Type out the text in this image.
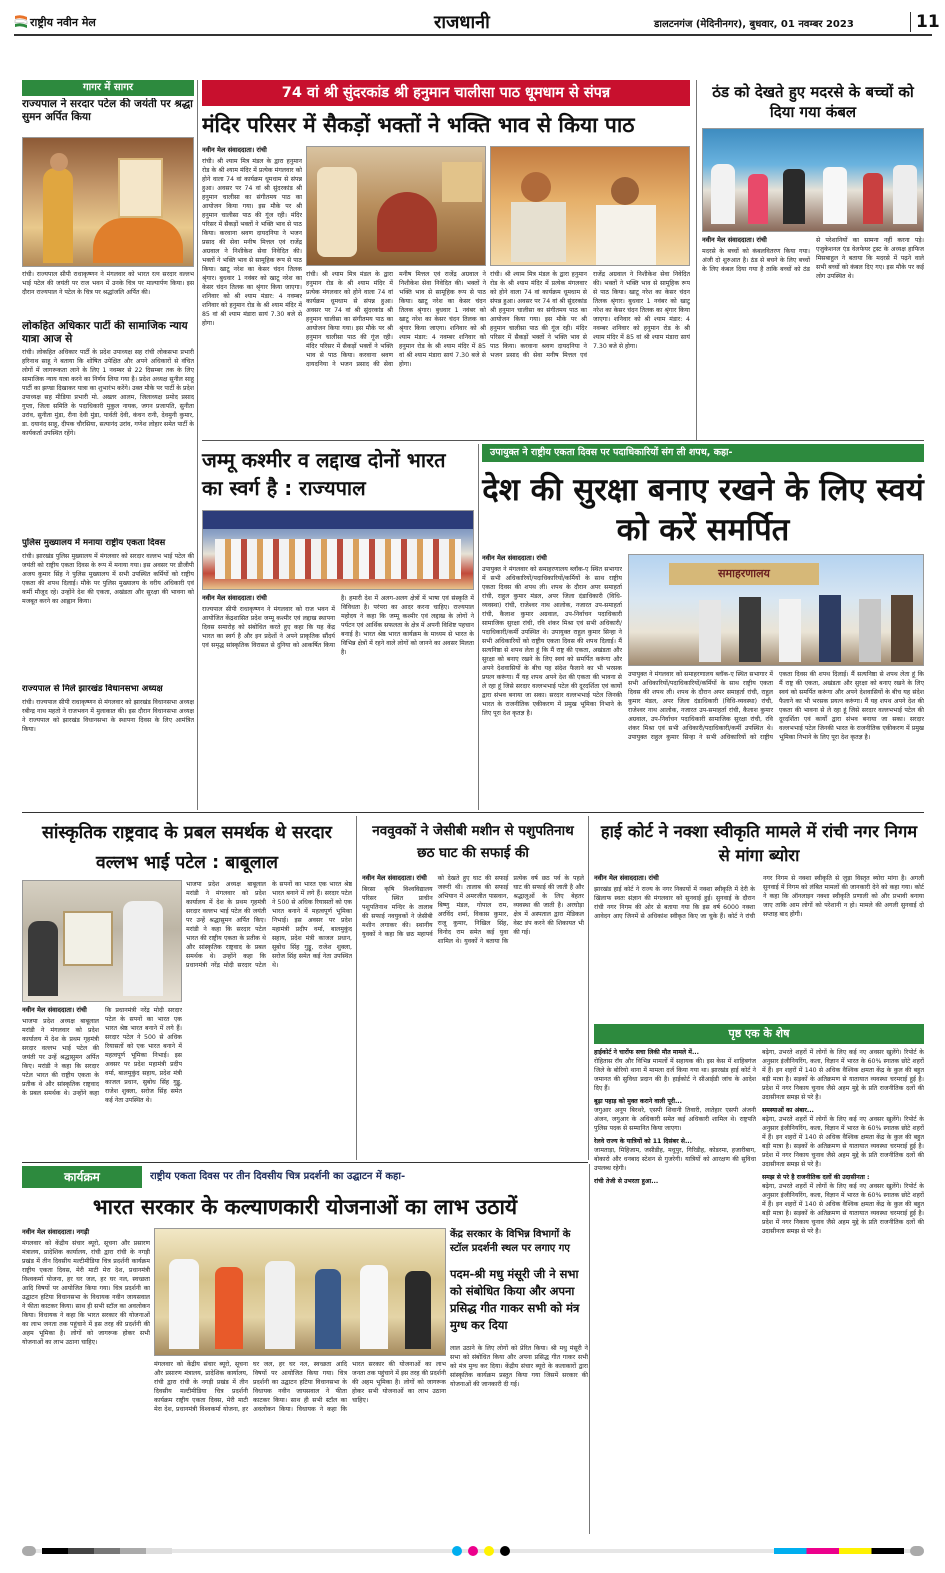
राष्ट्रीय नवीन मेल	राजधानी	डालटनगंज (मेदिनीनगर), बुधवार, 01 नवम्बर 2023	11
गागर में सागर
राज्यपाल ने सरदार पटेल की जयंती पर श्रद्धा सुमन अर्पित किया
रांची। राज्यपाल सीपी राधाकृष्णन ने मंगलवार को भारत रत्न सरदार वल्लभ भाई पटेल की जयंती पर राज भवन में उनके चित्र पर माल्यार्पण किया। इस दौरान राज्यपाल ने पटेल के चित्र पर श्रद्धांजलि अर्पित की।
लोकहित अधिकार पार्टी की सामाजिक न्याय यात्रा आज से
रांची। लोकहित अधिकार पार्टी के प्रदेश उपाध्यक्ष सह रांची लोकसभा प्रभारी हरिनाथ साहू ने बताया कि शोषित उपेक्षित और अपने अधिकारों से वंचित लोगों में जागरूकता लाने के लिए 1 नवम्बर से 22 दिसम्बर तक के लिए सामाजिक न्याय यात्रा करने का निर्णय लिया गया है। प्रदेश अध्यक्ष सुनील साहू पार्टी का झण्डा दिखाकर यात्रा का शुभारंभ करेंगे। उक्त मौके पर पार्टी के प्रदेश उपाध्यक्ष सह मीडिया प्रभारी मो. अख्तर आलम, जिलाध्यक्ष प्रमोद प्रसाद गुप्ता, जिला समिति के पदाधिकारी मुकुल नायक, जगन प्रजापति, सुनीता उरांव, सुनीता मुंडा, रीना देवी मुंडा, पार्वती देवी, कंचन रानी, देवमुनी कुमार, डा. दयानंद साहू, दीपक चौरसिया, सत्यानंद उरांव, गणेश लोहार समेत पार्टी के कार्यकर्ता उपस्थित रहेंगे।
पुलिस मुख्यालय में मनाया राष्ट्रीय एकता दिवस
रांची। झारखंड पुलिस मुख्यालय में मंगलवार को सरदार वल्लभ भाई पटेल की जयंती को राष्ट्रीय एकता दिवस के रूप में मनाया गया। इस अवसर पर डीजीपी अजय कुमार सिंह ने पुलिस मुख्यालय में सभी उपस्थित कर्मियों को राष्ट्रीय एकता की शपथ दिलाई। मौके पर पुलिस मुख्यालय के वरीय अधिकारी एवं कर्मी मौजूद रहे। उन्होंने देश की एकता, अखंडता और सुरक्षा की भावना को मजबूत करने का आह्वान किया।
राज्यपाल से मिले झारखंड विधानसभा अध्यक्ष
रांची। राज्यपाल सीपी राधाकृष्णन से मंगलवार को झारखंड विधानसभा अध्यक्ष रबीन्द्र नाथ महतो ने राजभवन में मुलाकात की। इस दौरान विधानसभा अध्यक्ष ने राज्यपाल को झारखंड विधानसभा के स्थापना दिवस के लिए आमंत्रित किया।
74 वां श्री सुंदरकांड श्री हनुमान चालीसा पाठ धूमधाम से संपन्न
मंदिर परिसर में सैकड़ों भक्तों ने भक्ति भाव से किया पाठ
नवीन मेल संवाददाता। रांची
रांची। श्री श्याम मित्र मंडल के द्वारा हनुमान रोड के श्री श्याम मंदिर में प्रत्येक मंगलवार को होने वाला 74 वां कार्यक्रम धूमधाम से संपन्न हुआ। अवसर पर 74 वां श्री सुंदरकांड श्री हनुमान चालीसा का संगीतमय पाठ का आयोजन किया गया। इस मौके पर श्री हनुमान चालीसा पाठ की गूंज रही। मंदिर परिसर में सैकड़ों भक्तों ने भक्ति भाव से पाठ किया। करवाना श्रवण दायदनिया ने भजन प्रसाद की सेवा मनीष मित्तल एवं राजेंद्र अग्रवाल ने निशीकेश सेवा निवेदित की। भक्तों ने भक्ति भाव से सामूहिक रूप से पाठ किया। खाटू नरेश का केसर चंदन तिलक श्रृंगार। बुधवार 1 नवंबर को खाटू नरेश का केसर चंदन तिलक का श्रृंगार किया जाएगा। शनिवार को श्री श्याम मंडार: 4 नवम्बर शनिवार को हनुमान रोड के श्री श्याम मंदिर में 85 वां श्री श्याम मंडारा सायं 7.30 बजे से होगा।
रांची। श्री श्याम मित्र मंडल के द्वारा हनुमान रोड के श्री श्याम मंदिर में प्रत्येक मंगलवार को होने वाला 74 वां कार्यक्रम धूमधाम से संपन्न हुआ। अवसर पर 74 वां श्री सुंदरकांड श्री हनुमान चालीसा का संगीतमय पाठ का आयोजन किया गया। इस मौके पर श्री हनुमान चालीसा पाठ की गूंज रही। मंदिर परिसर में सैकड़ों भक्तों ने भक्ति भाव से पाठ किया। करवाना श्रवण दायदनिया ने भजन प्रसाद की सेवा मनीष मित्तल एवं राजेंद्र अग्रवाल ने निशीकेश सेवा निवेदित की। भक्तों ने भक्ति भाव से सामूहिक रूप से पाठ किया। खाटू नरेश का केसर चंदन तिलक श्रृंगार। बुधवार 1 नवंबर को खाटू नरेश का केसर चंदन तिलक का श्रृंगार किया जाएगा। शनिवार को श्री श्याम मंडार: 4 नवम्बर शनिवार को हनुमान रोड के श्री श्याम मंदिर में 85 वां श्री श्याम मंडारा सायं 7.30 बजे से होगा।
रांची। श्री श्याम मित्र मंडल के द्वारा हनुमान रोड के श्री श्याम मंदिर में प्रत्येक मंगलवार को होने वाला 74 वां कार्यक्रम धूमधाम से संपन्न हुआ। अवसर पर 74 वां श्री सुंदरकांड श्री हनुमान चालीसा का संगीतमय पाठ का आयोजन किया गया। इस मौके पर श्री हनुमान चालीसा पाठ की गूंज रही। मंदिर परिसर में सैकड़ों भक्तों ने भक्ति भाव से पाठ किया। करवाना श्रवण दायदनिया ने भजन प्रसाद की सेवा मनीष मित्तल एवं राजेंद्र अग्रवाल ने निशीकेश सेवा निवेदित की। भक्तों ने भक्ति भाव से सामूहिक रूप से पाठ किया। खाटू नरेश का केसर चंदन तिलक श्रृंगार। बुधवार 1 नवंबर को खाटू नरेश का केसर चंदन तिलक का श्रृंगार किया जाएगा। शनिवार को श्री श्याम मंडार: 4 नवम्बर शनिवार को हनुमान रोड के श्री श्याम मंदिर में 85 वां श्री श्याम मंडारा सायं 7.30 बजे से होगा।
ठंड को देखते हुए मदरसे के बच्चों को दिया गया कंबल
नवीन मेल संवाददाता। रांची
मदरसे के बच्चों को कंबलवितरण किया गया। अंजी दो शुरुआत है। ठंड से बचने के लिए बच्चों के लिए कंबल दिया गया है ताकि बच्चों को ठंड से परेशानियों का सामना नहीं करना पड़े। एजुकेशनल एंड वेलफेयर ट्रस्ट के अध्यक्ष हाफिज मिसबाहुल ने बताया कि मदरसे में पढ़ने वाले सभी बच्चों को कंबल दिए गए। इस मौके पर कई लोग उपस्थित थे।
जम्मू कश्मीर व लद्दाख दोनों भारत का स्वर्ग है : राज्यपाल
नवीन मेल संवाददाता। रांची
राज्यपाल सीपी राधाकृष्णन ने मंगलवार को राज भवन में आयोजित केंद्रशासित प्रदेश जम्मू कश्मीर एवं लद्दाख स्थापना दिवस समारोह को संबोधित करते हुए कहा कि यह केंद्र भारत का स्वर्ग है और इन प्रदेशों ने अपने प्राकृतिक सौंदर्य एवं समृद्ध सांस्कृतिक विरासत से दुनिया को आकर्षित किया है। हमारी देश में अलग-अलग क्षेत्रों में भाषा एवं संस्कृति में विविधता है। परंपरा का आदर करना चाहिए। राज्यपाल महोदय ने कहा कि जम्मू कश्मीर एवं लद्दाख के लोगों ने पर्यटन एवं आर्थिक सफलता के क्षेत्र में अपनी विशिष्ट पहचान बनाई है। भारत श्रेष्ठ भारत कार्यक्रम के माध्यम से भारत के विभिन्न क्षेत्रों में रहने वाले लोगों को जानने का अवसर मिलता है।
उपायुक्त ने राष्ट्रीय एकता दिवस पर पदाधिकारियों संग ली शपथ, कहा-
देश की सुरक्षा बनाए रखने के लिए स्वयं को करें समर्पित
नवीन मेल संवाददाता। रांची
उपायुक्त ने मंगलवार को समाहरणालय ब्लॉक-ए स्थित सभागार में सभी अधिकारियों/पदाधिकारियों/कर्मियों के साथ राष्ट्रीय एकता दिवस की शपथ ली। शपथ के दौरान अपर समाहर्ता रांची, राहुल कुमार मंडल, अपर जिला दंडाधिकारी (विधि-व्यवस्था) रांची, राजेश्वर नाथ आलोक, नजारत उप-समाहर्ता रांची, कैलाश कुमार अग्रवाल, उप-निर्वाचन पदाधिकारी सामाजिक सुरक्षा रांची, रवि शंकर मिश्रा एवं सभी अधिकारी/पदाधिकारी/कर्मी उपस्थित थे। उपायुक्त राहुल कुमार सिन्हा ने सभी अधिकारियों को राष्ट्रीय एकता दिवस की शपथ दिलाई। मैं सत्यनिष्ठा से शपथ लेता हूं कि मैं राष्ट्र की एकता, अखंडता और सुरक्षा को बनाए रखने के लिए स्वयं को समर्पित करूंगा और अपने देशवासियों के बीच यह संदेश फैलाने का भी भरसक प्रयत्न करूंगा। मैं यह शपथ अपने देश की एकता की भावना से ले रहा हूं जिसे सरदार वल्लभभाई पटेल की दूरदर्शिता एवं कार्यों द्वारा संभव बनाया जा सका। सरदार वल्लभभाई पटेल जिनकी भारत के राजनीतिक एकीकरण में प्रमुख भूमिका निभाने के लिए पूरा देश कृतज्ञ है।
समाहरणालय
उपायुक्त ने मंगलवार को समाहरणालय ब्लॉक-ए स्थित सभागार में सभी अधिकारियों/पदाधिकारियों/कर्मियों के साथ राष्ट्रीय एकता दिवस की शपथ ली। शपथ के दौरान अपर समाहर्ता रांची, राहुल कुमार मंडल, अपर जिला दंडाधिकारी (विधि-व्यवस्था) रांची, राजेश्वर नाथ आलोक, नजारत उप-समाहर्ता रांची, कैलाश कुमार अग्रवाल, उप-निर्वाचन पदाधिकारी सामाजिक सुरक्षा रांची, रवि शंकर मिश्रा एवं सभी अधिकारी/पदाधिकारी/कर्मी उपस्थित थे। उपायुक्त राहुल कुमार सिन्हा ने सभी अधिकारियों को राष्ट्रीय एकता दिवस की शपथ दिलाई। मैं सत्यनिष्ठा से शपथ लेता हूं कि मैं राष्ट्र की एकता, अखंडता और सुरक्षा को बनाए रखने के लिए स्वयं को समर्पित करूंगा और अपने देशवासियों के बीच यह संदेश फैलाने का भी भरसक प्रयत्न करूंगा। मैं यह शपथ अपने देश की एकता की भावना से ले रहा हूं जिसे सरदार वल्लभभाई पटेल की दूरदर्शिता एवं कार्यों द्वारा संभव बनाया जा सका। सरदार वल्लभभाई पटेल जिनकी भारत के राजनीतिक एकीकरण में प्रमुख भूमिका निभाने के लिए पूरा देश कृतज्ञ है।
सांस्कृतिक राष्ट्रवाद के प्रबल समर्थक थे सरदार वल्लभ भाई पटेल : बाबूलाल
नवीन मेल संवाददाता। रांची
भाजपा प्रदेश अध्यक्ष बाबूलाल मरांडी ने मंगलवार को प्रदेश कार्यालय में देश के प्रथम गृहमंत्री सरदार वल्लभ भाई पटेल की जयंती पर उन्हें श्रद्धासुमन अर्पित किए। मरांडी ने कहा कि सरदार पटेल भारत की राष्ट्रीय एकता के प्रतीक थे और सांस्कृतिक राष्ट्रवाद के प्रबल समर्थक थे। उन्होंने कहा कि प्रधानमंत्री नरेंद्र मोदी सरदार पटेल के सपनों का भारत एक भारत श्रेष्ठ भारत बनाने में लगे हैं। सरदार पटेल ने 500 से अधिक रियासतों को एक भारत बनाने में महत्वपूर्ण भूमिका निभाई। इस अवसर पर प्रदेश महामंत्री प्रदीप वर्मा, बालमुकुंद सहाय, प्रदेश मंत्री काजल प्रधान, सुबोध सिंह गुड्डू, राजेश शुक्ला, सरोज सिंह समेत कई नेता उपस्थित थे।
भाजपा प्रदेश अध्यक्ष बाबूलाल मरांडी ने मंगलवार को प्रदेश कार्यालय में देश के प्रथम गृहमंत्री सरदार वल्लभ भाई पटेल की जयंती पर उन्हें श्रद्धासुमन अर्पित किए। मरांडी ने कहा कि सरदार पटेल भारत की राष्ट्रीय एकता के प्रतीक थे और सांस्कृतिक राष्ट्रवाद के प्रबल समर्थक थे। उन्होंने कहा कि प्रधानमंत्री नरेंद्र मोदी सरदार पटेल के सपनों का भारत एक भारत श्रेष्ठ भारत बनाने में लगे हैं। सरदार पटेल ने 500 से अधिक रियासतों को एक भारत बनाने में महत्वपूर्ण भूमिका निभाई। इस अवसर पर प्रदेश महामंत्री प्रदीप वर्मा, बालमुकुंद सहाय, प्रदेश मंत्री काजल प्रधान, सुबोध सिंह गुड्डू, राजेश शुक्ला, सरोज सिंह समेत कई नेता उपस्थित थे।
नववुवकों ने जेसीबी मशीन से पशुपतिनाथ छठ घाट की सफाई की
नवीन मेल संवाददाता। रांची
बिरसा कृषि विश्वविद्यालय परिसर स्थित प्राचीन पशुपतिनाथ मन्दिर के तालाब की सफाई नवयुवकों ने जेसीबी मशीन लगाकर की। स्थानीय युवकों ने कहा कि छठ महापर्व को देखते हुए घाट की सफाई जरूरी थी। तालाब की सफाई अभियान में अमरजीत पासवान, बिष्णु मंडल, गोपाल राम, अरविंद शर्मा, विकास कुमार, राजू कुमार, निखिल सिंह, विनोद राम समेत कई युवा शामिल थे। युवकों ने बताया कि प्रत्येक वर्ष छठ पर्व के पहले घाट की सफाई की जाती है और श्रद्धालुओं के लिए बेहतर व्यवस्था की जाती है। अरघोड़ा क्षेत्र में अस्पताल द्वारा मेडिकल वेस्ट डंप करने की शिकायत भी की गई।
हाई कोर्ट ने नक्शा स्वीकृति मामले में रांची नगर निगम से मांगा ब्योरा
नवीन मेल संवाददाता। रांची
झारखंड हाई कोर्ट ने राज्य के नगर निकायों में नक्शा स्वीकृति में देरी के खिलाफ स्वतः संज्ञान की मंगलवार को सुनवाई हुई। सुनवाई के दौरान रांची नगर निगम की ओर से बताया गया कि इस वर्ष 6000 नक्शा आवेदन आए जिनमें से अधिकांश स्वीकृत किए जा चुके हैं। कोर्ट ने रांची नगर निगम से नक्शा स्वीकृति से जुड़ा विस्तृत ब्योरा मांगा है। अगली सुनवाई में निगम को लंबित मामलों की जानकारी देने को कहा गया। कोर्ट ने कहा कि ऑनलाइन नक्शा स्वीकृति प्रणाली को और प्रभावी बनाया जाए ताकि आम लोगों को परेशानी न हो। मामले की अगली सुनवाई दो सप्ताह बाद होगी।
पृष्ठ एक के शेष
हाईकोर्ट ने चारोंफ सचा लिकी मौत मामले में...
रोहितास रॉय और विभिन्न मामलों में सहायक की। इस केस में शाहिबगंज जिले के बोरियो थाना में मामला दर्ज किया गया था। झारखंड हाई कोर्ट ने जमानत की सुविधा प्रदान की है। हाईकोर्ट ने सीआईडी जांच के आदेश दिए हैं।
बूढ़ा पहाड़ को मुक्त कराने वाली पूरी...
जगुआर अनूप बिरथरे, एसपी शिवानी तिवारी, लातेहार एसपी अंजनी अंजन, जगुआर के अधिकारी समेत कई अधिकारी शामिल थे। राष्ट्रपति पुलिस पदक से सम्मानित किया जाएगा।
रेलवे राज्य के यात्रियों को 11 दिसंबर से...
जामताड़ा, मिहिजाम, जसीडीह, मधुपुर, गिरिडीह, कोडरमा, हजारीबाग, बोकारो और धनबाद स्टेशन से गुजरेगी। यात्रियों को आरक्षण की सुविधा उपलब्ध रहेगी।
रांची तेजी से उभरता हुआ...
बढ़ेगा, उभरते शहरों में लोगों के लिए कई नए अवसर खुलेंगे। रिपोर्ट के अनुसार इंजीनियरिंग, कला, विज्ञान में भारत के 60% स्नातक छोटे शहरों में हैं। इन शहरों में 140 से अधिक वैश्विक क्षमता केंद्र के कुल की बहुत बड़ी मात्रा है। सड़कों के अतिक्रमण से यातायात व्यवस्था चरमराई हुई है। प्रदेश में नगर निकाय चुनाव जैसे अहम मुद्दे के प्रति राजनीतिक दलों की उदासीनता समझ से परे है।
समस्याओं का अंबार...
बढ़ेगा, उभरते शहरों में लोगों के लिए कई नए अवसर खुलेंगे। रिपोर्ट के अनुसार इंजीनियरिंग, कला, विज्ञान में भारत के 60% स्नातक छोटे शहरों में हैं। इन शहरों में 140 से अधिक वैश्विक क्षमता केंद्र के कुल की बहुत बड़ी मात्रा है। सड़कों के अतिक्रमण से यातायात व्यवस्था चरमराई हुई है। प्रदेश में नगर निकाय चुनाव जैसे अहम मुद्दे के प्रति राजनीतिक दलों की उदासीनता समझ से परे है।
समझ से परे है राजनीतिक दलों की उदासीनता :
बढ़ेगा, उभरते शहरों में लोगों के लिए कई नए अवसर खुलेंगे। रिपोर्ट के अनुसार इंजीनियरिंग, कला, विज्ञान में भारत के 60% स्नातक छोटे शहरों में हैं। इन शहरों में 140 से अधिक वैश्विक क्षमता केंद्र के कुल की बहुत बड़ी मात्रा है। सड़कों के अतिक्रमण से यातायात व्यवस्था चरमराई हुई है। प्रदेश में नगर निकाय चुनाव जैसे अहम मुद्दे के प्रति राजनीतिक दलों की उदासीनता समझ से परे है।
कार्यक्रम	राष्ट्रीय एकता दिवस पर तीन दिवसीय चित्र प्रदर्शनी का उद्घाटन में कहा-
भारत सरकार के कल्याणकारी योजनाओं का लाभ उठायें
नवीन मेल संवाददाता। नगड़ी
मंगलवार को केंद्रीय संचार ब्यूरो, सूचना और प्रसारण मंत्रालय, प्रादेशिक कार्यालय, रांची द्वारा रांची के नगड़ी प्रखंड में तीन दिवसीय मल्टीमीडिया चित्र प्रदर्शनी कार्यक्रम राष्ट्रीय एकता दिवस, मेरी माटी मेरा देश, प्रधानमंत्री विश्वकर्मा योजना, हर घर जल, हर घर नल, स्वच्छता आदि विषयों पर आयोजित किया गया। चित्र प्रदर्शनी का उद्घाटन हटिया विधानसभा के विधायक नवीन जायसवाल ने फीता काटकर किया। साथ ही सभी स्टॉल का अवलोकन किया। विधायक ने कहा कि भारत सरकार की योजनाओं का लाभ जनता तक पहुंचाने में इस तरह की प्रदर्शनी की अहम भूमिका है। लोगों को जागरूक होकर सभी योजनाओं का लाभ उठाना चाहिए।
मंगलवार को केंद्रीय संचार ब्यूरो, सूचना और प्रसारण मंत्रालय, प्रादेशिक कार्यालय, रांची द्वारा रांची के नगड़ी प्रखंड में तीन दिवसीय मल्टीमीडिया चित्र प्रदर्शनी कार्यक्रम राष्ट्रीय एकता दिवस, मेरी माटी मेरा देश, प्रधानमंत्री विश्वकर्मा योजना, हर घर जल, हर घर नल, स्वच्छता आदि विषयों पर आयोजित किया गया। चित्र प्रदर्शनी का उद्घाटन हटिया विधानसभा के विधायक नवीन जायसवाल ने फीता काटकर किया। साथ ही सभी स्टॉल का अवलोकन किया। विधायक ने कहा कि भारत सरकार की योजनाओं का लाभ जनता तक पहुंचाने में इस तरह की प्रदर्शनी की अहम भूमिका है। लोगों को जागरूक होकर सभी योजनाओं का लाभ उठाना चाहिए।
केंद्र सरकार के विभिन्न विभागों के स्टॉल प्रदर्शनी स्थल पर लगाए गए
पदम-श्री मधु मंसूरी जी ने सभा को संबोधित किया और अपना प्रसिद्ध गीत गाकर सभी को मंत्र मुग्ध कर दिया
लाल उठाने के लिए लोगों को प्रेरित किया। श्री मधु मंसूरी ने सभा को संबोधित किया और अपना प्रसिद्ध गीत गाकर सभी को मंत्र मुग्ध कर दिया। केंद्रीय संचार ब्यूरो के कलाकारों द्वारा सांस्कृतिक कार्यक्रम प्रस्तुत किया गया जिसमें सरकार की योजनाओं की जानकारी दी गई।
